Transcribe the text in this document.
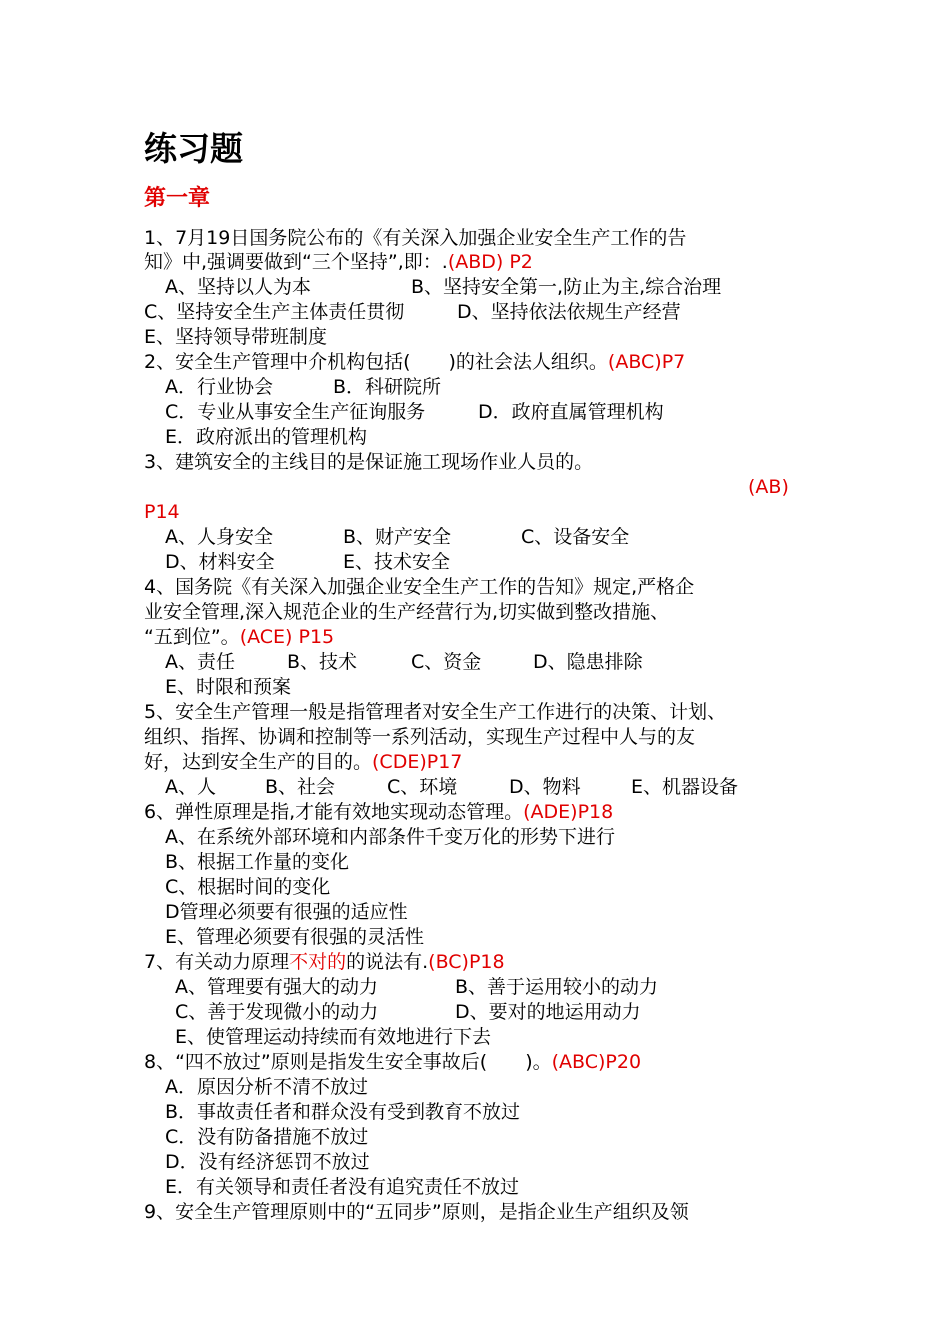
练习题
第一章
1、7月19日国务院公布的《有关深入加强企业安全生产工作的告
知》中,强调要做到“三个坚持”,即：.(ABD) P2
A、坚持以人为本	B、坚持安全第一,防止为主,综合治理
C、坚持安全生产主体责任贯彻	D、坚持依法依规生产经营
E、坚持领导带班制度
2、安全生产管理中介机构包括(　　)的社会法人组织。(ABC)P7
A．行业协会	B．科研院所
C．专业从事安全生产征询服务	D．政府直属管理机构
E．政府派出的管理机构
3、建筑安全的主线目的是保证施工现场作业人员的。
(AB)
P14
A、人身安全	B、财产安全	C、设备安全
D、材料安全	E、技术安全
4、国务院《有关深入加强企业安全生产工作的告知》规定,严格企
业安全管理,深入规范企业的生产经营行为,切实做到整改措施、
“五到位”。(ACE) P15
A、责任	B、技术	C、资金	D、隐患排除
E、时限和预案
5、安全生产管理一般是指管理者对安全生产工作进行的决策、计划、
组织、指挥、协调和控制等一系列活动，实现生产过程中人与的友
好，达到安全生产的目的。(CDE)P17
A、人	B、社会	C、环境	D、物料	E、机器设备
6、弹性原理是指,才能有效地实现动态管理。(ADE)P18
A、在系统外部环境和内部条件千变万化的形势下进行
B、根据工作量的变化
C、根据时间的变化
D管理必须要有很强的适应性
E、管理必须要有很强的灵活性
7、有关动力原理不对的的说法有.(BC)P18
A、管理要有强大的动力	B、善于运用较小的动力
C、善于发现微小的动力	D、要对的地运用动力
E、使管理运动持续而有效地进行下去
8、“四不放过”原则是指发生安全事故后(　　)。(ABC)P20
A．原因分析不清不放过
B．事故责任者和群众没有受到教育不放过
C．没有防备措施不放过
D．没有经济惩罚不放过
E．有关领导和责任者没有追究责任不放过
9、安全生产管理原则中的“五同步”原则，是指企业生产组织及领
